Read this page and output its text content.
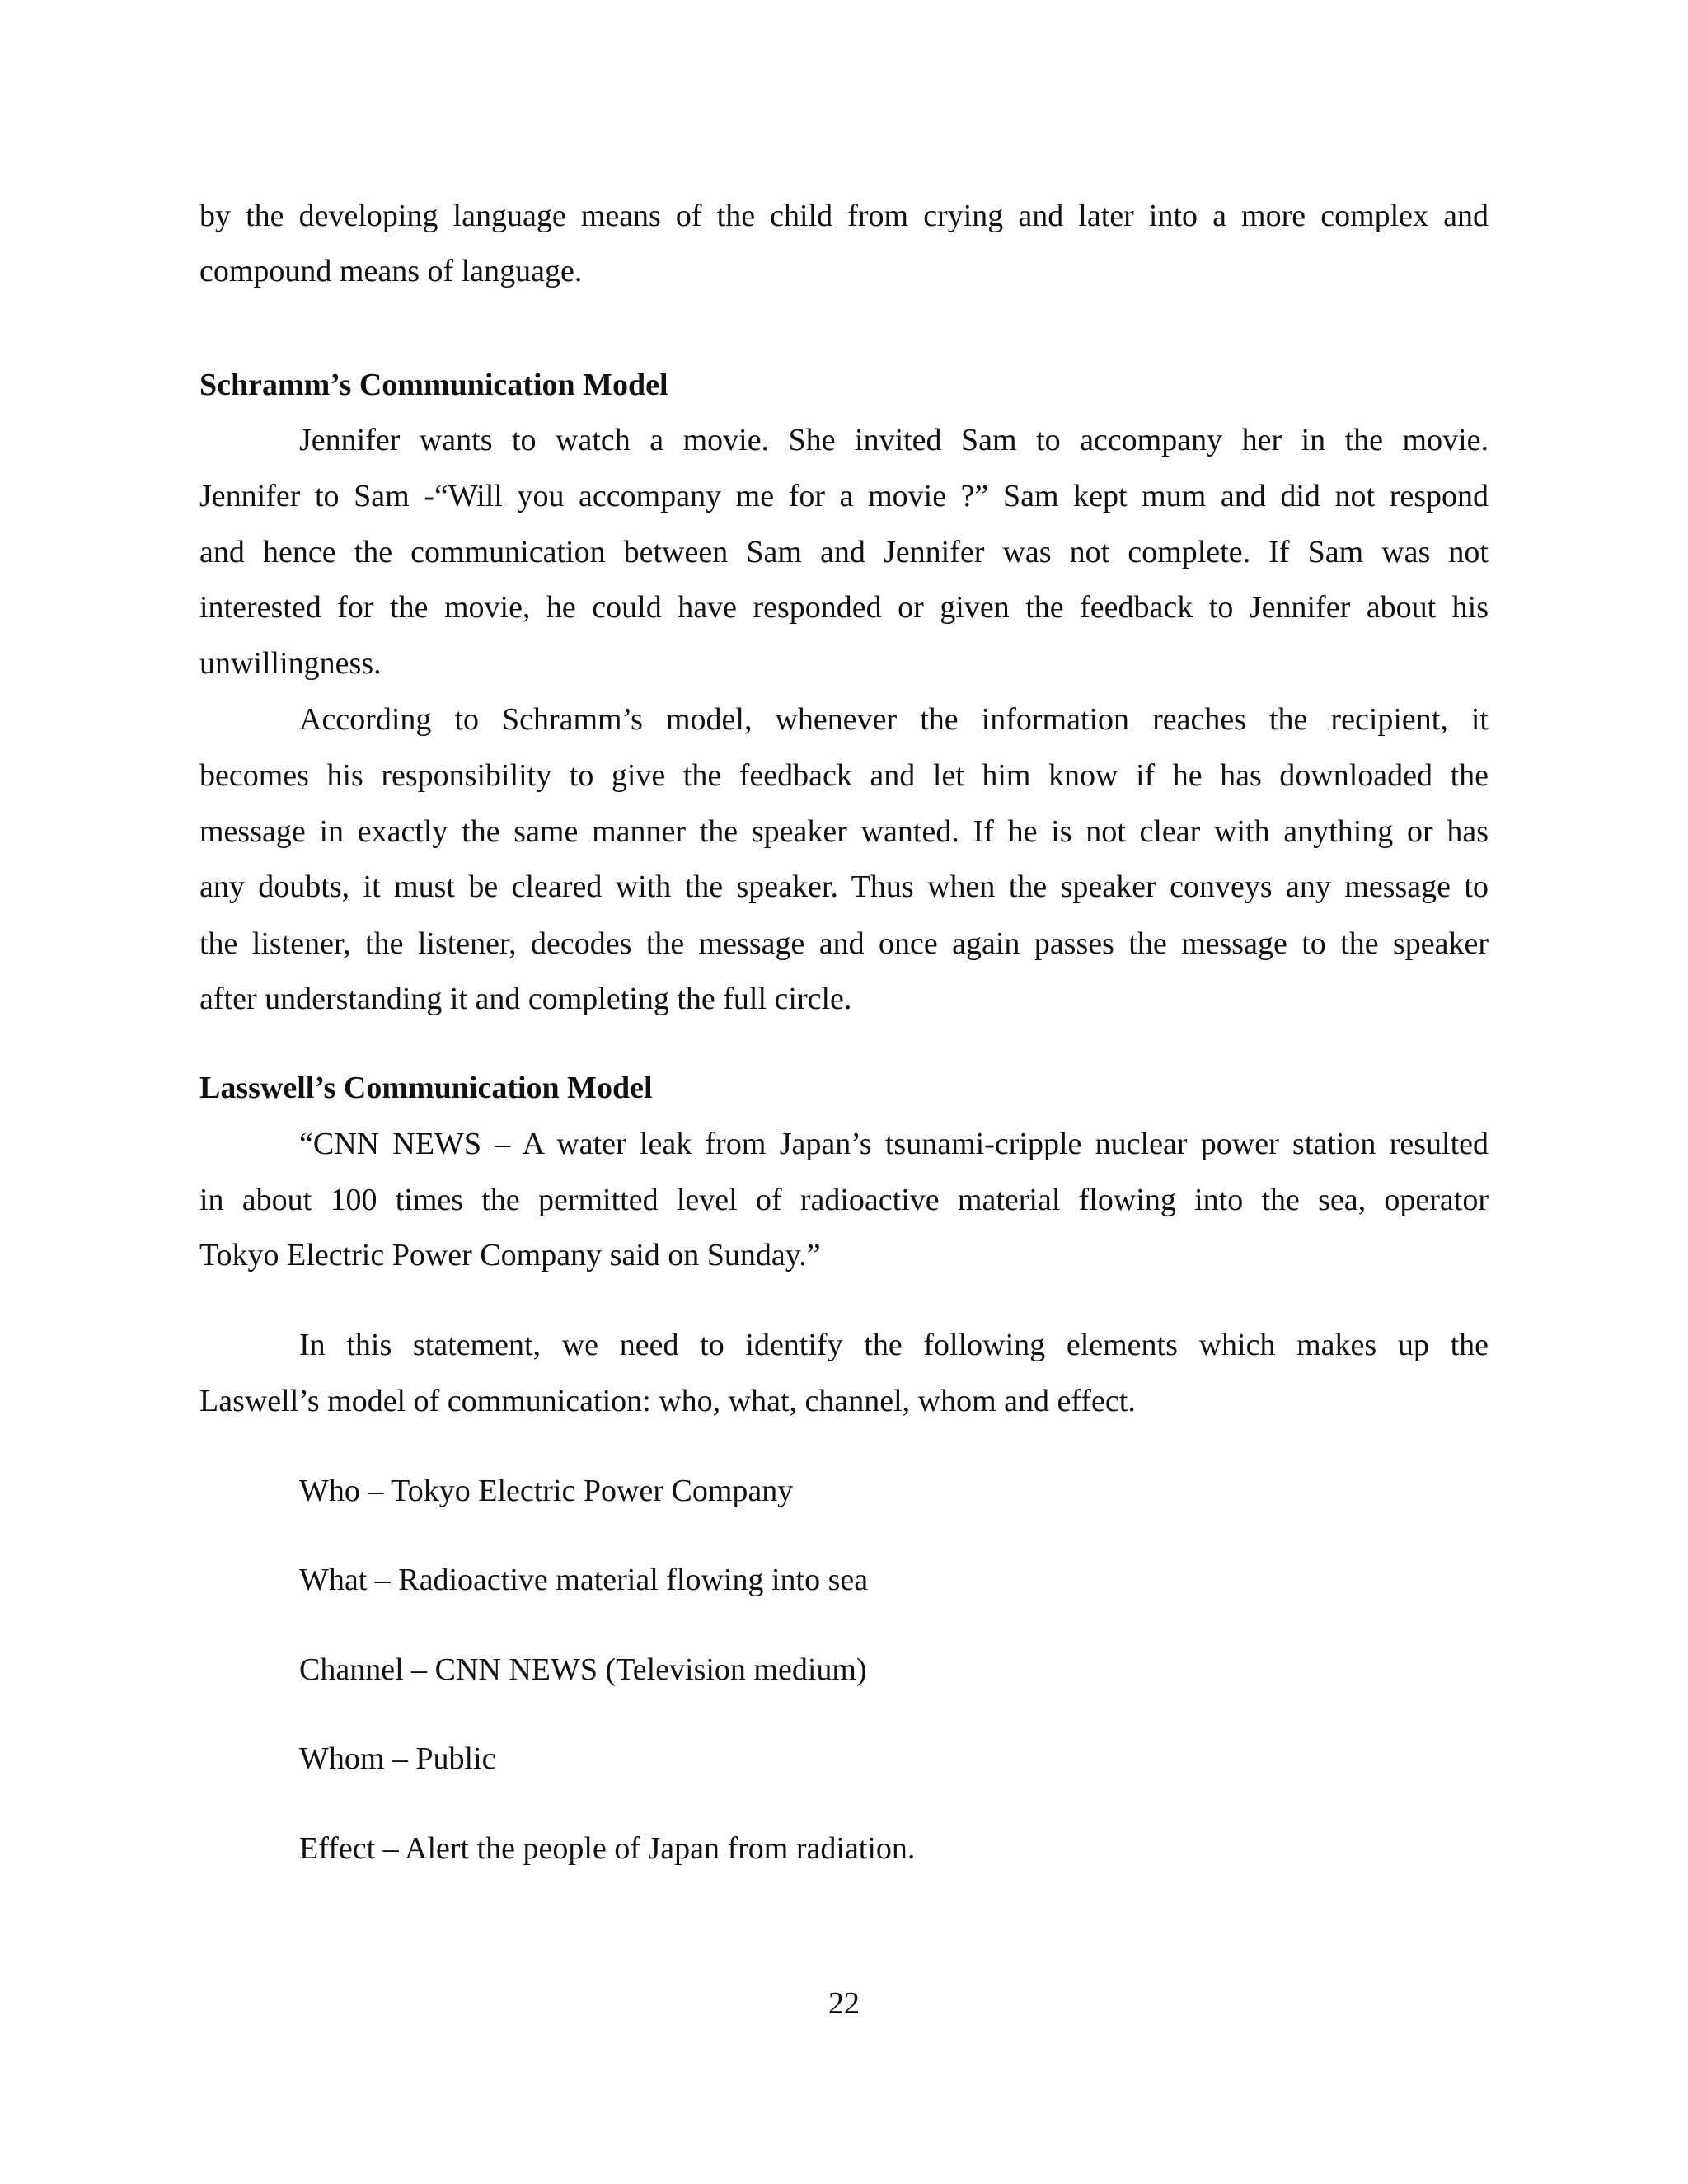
by the developing language means of the child from crying and later into a more complex and
compound means of language.
Schramm’s Communication Model
Jennifer wants to watch a movie. She invited Sam to accompany her in the movie.
Jennifer to Sam -“Will you accompany me for a movie ?” Sam kept mum and did not respond
and hence the communication between Sam and Jennifer was not complete. If Sam was not
interested for the movie, he could have responded or given the feedback to Jennifer about his
unwillingness.
According to Schramm’s model, whenever the information reaches the recipient, it
becomes his responsibility to give the feedback and let him know if he has downloaded the
message in exactly the same manner the speaker wanted. If he is not clear with anything or has
any doubts, it must be cleared with the speaker. Thus when the speaker conveys any message to
the listener, the listener, decodes the message and once again passes the message to the speaker
after understanding it and completing the full circle.
Lasswell’s Communication Model
“CNN NEWS – A water leak from Japan’s tsunami-cripple nuclear power station resulted
in about 100 times the permitted level of radioactive material flowing into the sea, operator
Tokyo Electric Power Company said on Sunday.”
In this statement, we need to identify the following elements which makes up the
Laswell’s model of communication: who, what, channel, whom and effect.
Who – Tokyo Electric Power Company
What – Radioactive material flowing into sea
Channel – CNN NEWS (Television medium)
Whom – Public
Effect – Alert the people of Japan from radiation.
22
